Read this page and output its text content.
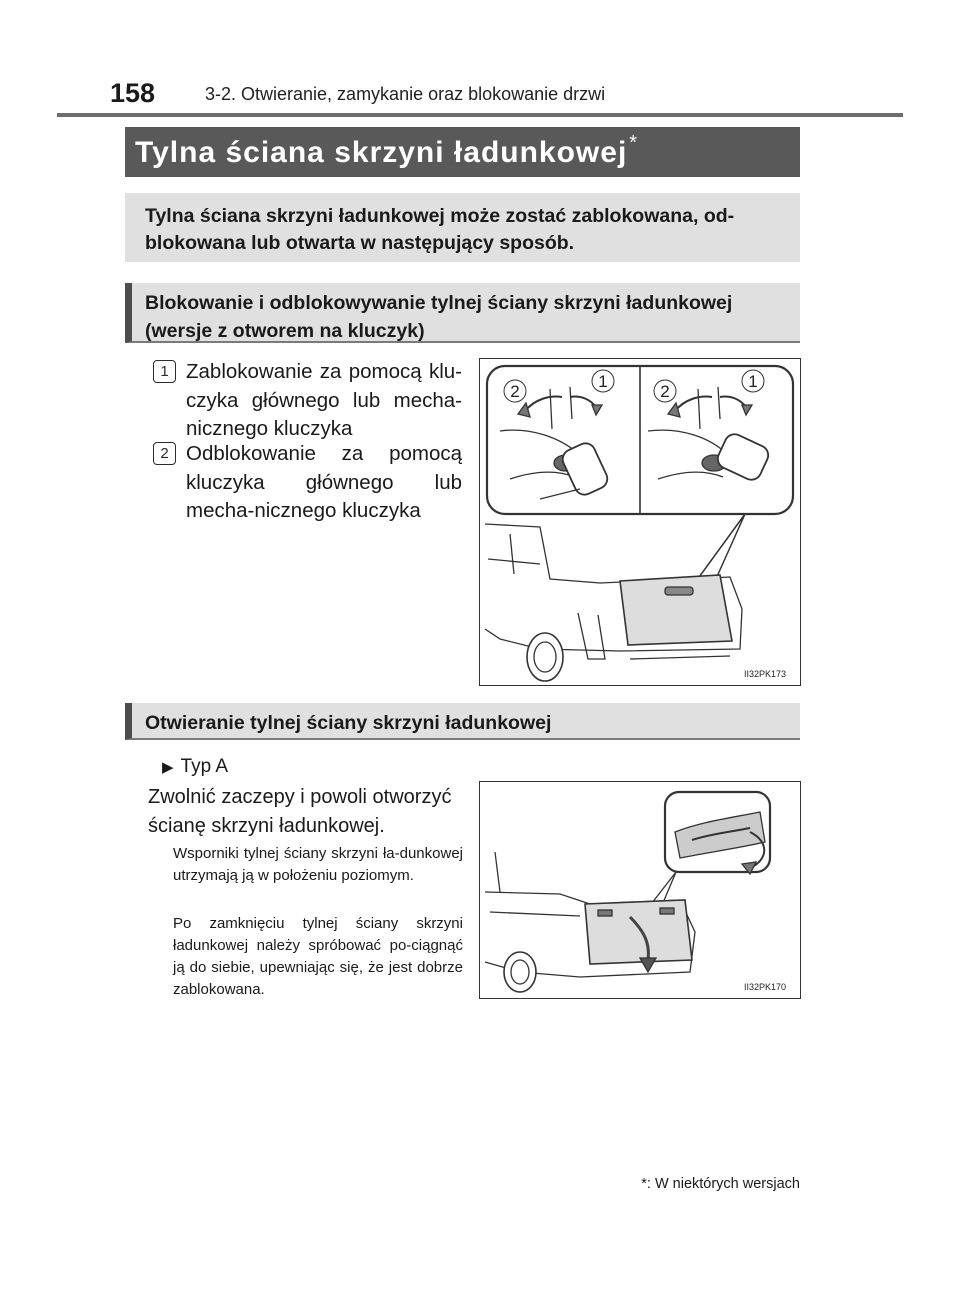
158	3-2. Otwieranie, zamykanie oraz blokowanie drzwi
Tylna ściana skrzyni ładunkowej *
Tylna ściana skrzyni ładunkowej może zostać zablokowana, od-blokowana lub otwarta w następujący sposób.
Blokowanie i odblokowywanie tylnej ściany skrzyni ładunkowej (wersje z otworem na kluczyk)
1 Zablokowanie za pomocą klu-czyka głównego lub mecha-nicznego kluczyka
2 Odblokowanie za pomocą kluczyka głównego lub mecha-nicznego kluczyka
2
1
2
1
II32PK173
Otwieranie tylnej ściany skrzyni ładunkowej
▶ Typ A
Zwolnić zaczepy i powoli otworzyć ścianę skrzyni ładunkowej.
Wsporniki tylnej ściany skrzyni ła-dunkowej utrzymają ją w położeniu poziomym.
Po zamknięciu tylnej ściany skrzyni ładunkowej należy spróbować po-ciągnąć ją do siebie, upewniając się, że jest dobrze zablokowana.	II32PK170
*: W niektórych wersjach
